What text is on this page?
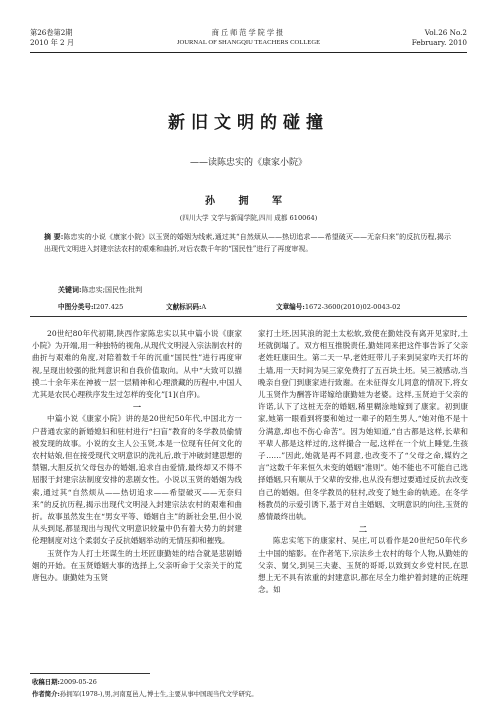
第26卷第2期
2010 年 2 月
商丘师范学院学报
JOURNAL OF SHANGQIU TEACHERS COLLEGE
Vol.26 No.2
February. 2010
新旧文明的碰撞
——读陈忠实的《康家小院》
孙 拥 军
(四川大学 文学与新闻学院,四川 成都 610064)
摘 要:陈忠实的小说《康家小院》以玉贤的婚姻为线索,通过其“自然烦从——热切追求——希望破灭——无奈归来”的反抗历程,揭示出现代文明进入封建宗法农村的艰难和曲折,对后农数千年的“国民性”进行了再度审视。
关键词:陈忠实;国民性;批判
中图分类号:I207.425	文献标识码:A	文章编号:1672-3600(2010)02-0043-02

20世纪80年代初期,陕西作家陈忠实以其中篇小说《康家小院》为开端,用一种独特的视角,从现代文明浸入宗法制农村的曲折与艰难的角度,对陪着数千年的沉重“国民性”进行再度审视,呈现出较强的批判意识和自我价值取向。从中“大致可以描摸二十余年来在神被一层一层精神和心理溃藏的历程中,中国人尤其是农民心理秩序发生过怎样的变化”[1](自序)。

一

中篇小说《康家小院》讲的是20世纪50年代,中国北方一户普通农家的新婚媳妇和驻村进行“扫盲”教育的冬学教员偷情被发现的故事。小说的女主人公玉贤,本是一位现有任何文化的农村姑娘,但在接受现代文明意识的洗礼后,敢于冲破封建思想的禁锢,大胆反抗父母包办的婚姻,追求自由爱情,最终却又不得不屈服于封建宗法制度安排的悲剧女性。小说以玉贤的婚姻为线索,通过其“自然烦从——热切追求——希望破灭——无奈归来”的反抗历程,揭示出现代文明浸入封建宗法农村的艰难和曲折。故事虽然发生在“男女平等、婚姻自主”的新社会里,但小说从头到尾,都显现出与现代文明意识较量中仍有着大势力的封建伦理制度对这个柔弱女子反抗婚姻举动的无情压抑和摧残。

玉贤作为人打土坯谋生的土坯匠康勤娃的结合就是悲剧婚姻的开始。在玉贤婚姻大事的选择上,父亲听命于父亲关于的荒唐包办。康勤娃为玉贤

家打土坯,因其浪的泥土太松软,致使在勤娃没有离开见家时,土坯就倒塌了。双方相互推脱责任,勤娃同来把这件事告诉了父亲老姓旺康田生。第二天一早,老姓旺带儿子来到吴家咋天打坏的土墙,用一天时间为吴三家免费打了五百块土坯。吴三被感动,当晚亲自登门到康家进行致谢。在未征得女儿同意的情况下,将女儿玉贤作为酬答许诺嫁给康勤娃为老婆。这样,玉贤迫于父亲的许诺,认下了这桩无奈的婚姻,稀里糊涂地嫁到了康家。初到康家,她第一眼看到将要和她过一辈子的陌生男人,“她对他不是十分满意,却也不伤心命苦”。因为她知道,“自古都是这样,长辈和平辈人都是这样过的,这样撮合一起,这样在一个炕上睡觉,生孩子……”因此,她就是再不同意,也改变不了“父母之命,媒妁之言”这数千年来恒久未变的婚姻“准则”。她不能也不可能自己选择婚姻,只有顺从于父辈的安排,也从没有想过要通过反抗去改变自己的婚姻。但冬学教员的驻村,改变了她生命的轨迹。在冬学杨教员的示爱引诱下,基于对自主婚姻、文明意识的向往,玉贤的感情最终出轨。

二

陈忠实笔下的康家村、吴庄,可以看作是20世纪50年代乡土中国的缩影。在作者笔下,宗法乡土农村的每个人物,从勤娃的父亲、舅父,到吴三夫妻、玉贤的哥哥,以致到女乡党村民,在思想上无不具有浓重的封建意识,都在尽全力维护着封建的正统理念。如

收稿日期:2009-05-26
作者简介:孙拥军(1978-),男,河南夏邑人,博士生,主要从事中国现当代文学研究。
